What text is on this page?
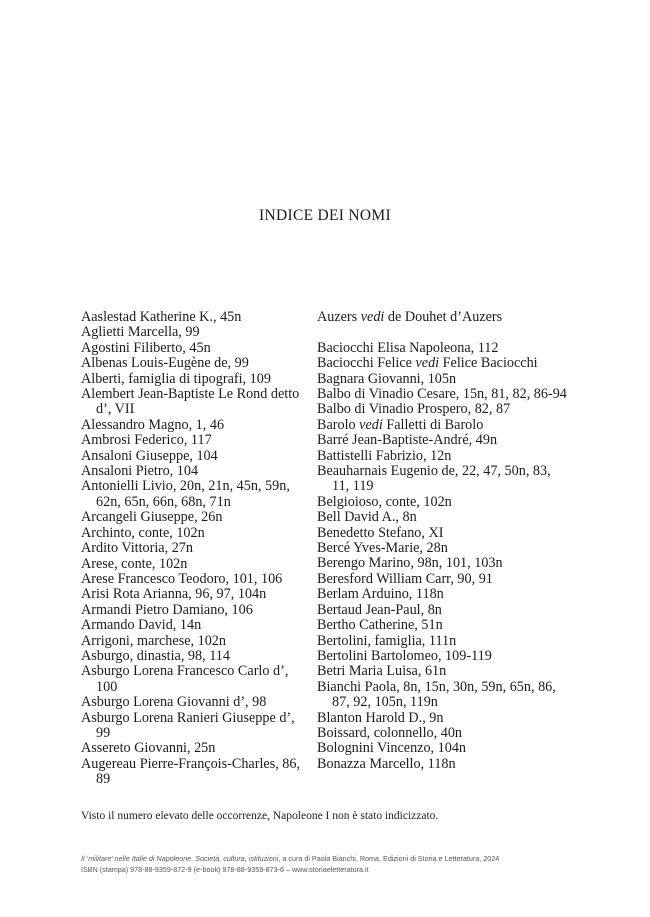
INDICE DEI NOMI
Aaslestad Katherine K., 45n
Aglietti Marcella, 99
Agostini Filiberto, 45n
Albenas Louis-Eugène de, 99
Alberti, famiglia di tipografi, 109
Alembert Jean-Baptiste Le Rond detto d’, VII
Alessandro Magno, 1, 46
Ambrosi Federico, 117
Ansaloni Giuseppe, 104
Ansaloni Pietro, 104
Antonielli Livio, 20n, 21n, 45n, 59n, 62n, 65n, 66n, 68n, 71n
Arcangeli Giuseppe, 26n
Archinto, conte, 102n
Ardito Vittoria, 27n
Arese, conte, 102n
Arese Francesco Teodoro, 101, 106
Arisi Rota Arianna, 96, 97, 104n
Armandi Pietro Damiano, 106
Armando David, 14n
Arrigoni, marchese, 102n
Asburgo, dinastia, 98, 114
Asburgo Lorena Francesco Carlo d’, 100
Asburgo Lorena Giovanni d’, 98
Asburgo Lorena Ranieri Giuseppe d’, 99
Assereto Giovanni, 25n
Augereau Pierre-François-Charles, 86, 89
Auzers vedi de Douhet d’Auzers
Baciocchi Elisa Napoleona, 112
Baciocchi Felice vedi Felice Baciocchi
Bagnara Giovanni, 105n
Balbo di Vinadio Cesare, 15n, 81, 82, 86-94
Balbo di Vinadio Prospero, 82, 87
Barolo vedi Falletti di Barolo
Barré Jean-Baptiste-André, 49n
Battistelli Fabrizio, 12n
Beauharnais Eugenio de, 22, 47, 50n, 83, 11, 119
Belgioioso, conte, 102n
Bell David A., 8n
Benedetto Stefano, XI
Bercé Yves-Marie, 28n
Berengo Marino, 98n, 101, 103n
Beresford William Carr, 90, 91
Berlam Arduino, 118n
Bertaud Jean-Paul, 8n
Bertho Catherine, 51n
Bertolini, famiglia, 111n
Bertolini Bartolomeo, 109-119
Betri Maria Luisa, 61n
Bianchi Paola, 8n, 15n, 30n, 59n, 65n, 86, 87, 92, 105n, 119n
Blanton Harold D., 9n
Boissard, colonnello, 40n
Bolognini Vincenzo, 104n
Bonazza Marcello, 118n
Visto il numero elevato delle occorrenze, Napoleone I non è stato indicizzato.
Il ‘militare’ nelle Italie di Napoleone. Società, cultura, istituzioni, a cura di Paola Bianchi, Roma, Edizioni di Storia e Letteratura, 2024
ISBN (stampa) 978-88-9359-872-9 (e-book) 978-88-9359-873-6 – www.storiaeletteratura.it
